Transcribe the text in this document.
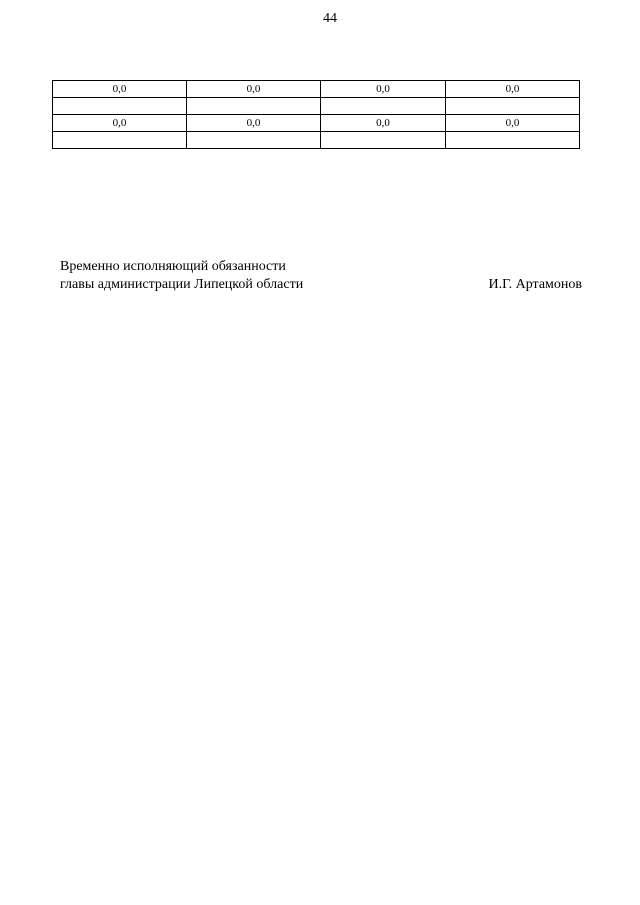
44
0,0	0,0	0,0	0,0

0,0	0,0	0,0	0,0

Временно исполняющий обязанности
главы администрации Липецкой области	И.Г. Артамонов
